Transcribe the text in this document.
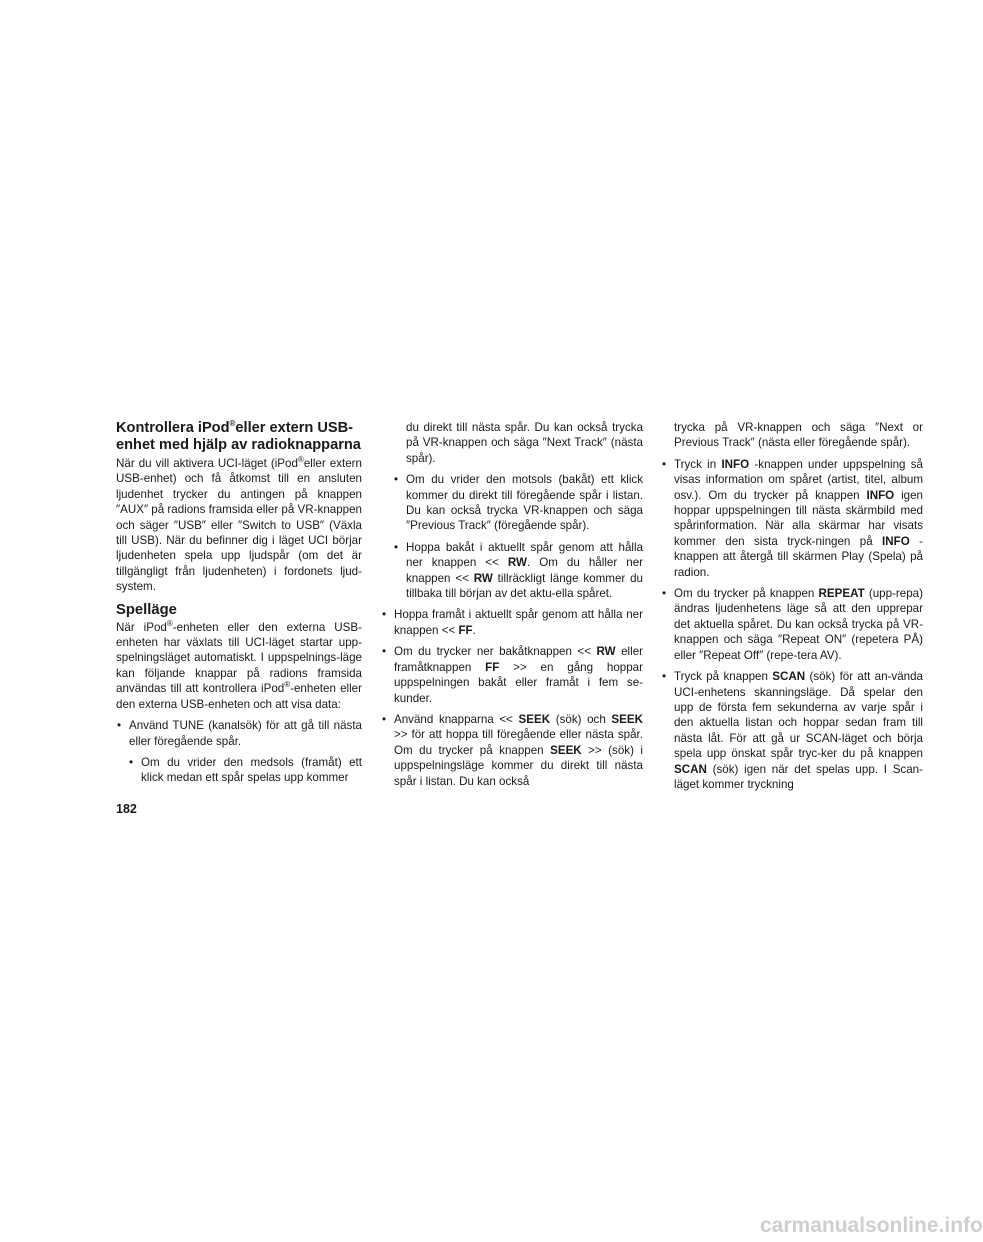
Kontrollera iPod®eller extern USB-enhet med hjälp av radioknapparna

När du vill aktivera UCI-läget (iPod®eller extern USB-enhet) och få åtkomst till en ansluten ljudenhet trycker du antingen på knappen ″AUX″ på radions framsida eller på VR-knappen och säger ″USB″ eller ″Switch to USB″ (Växla till USB). När du befinner dig i läget UCI börjar ljudenheten spela upp ljudspår (om det är tillgängligt från ljudenheten) i fordonets ljud-system.

Spelläge

När iPod®-enheten eller den externa USB-enheten har växlats till UCI-läget startar upp-spelningsläget automatiskt. I uppspelnings-läge kan följande knappar på radions framsida användas till att kontrollera iPod®-enheten eller den externa USB-enheten och att visa data:

• Använd TUNE (kanalsök) för att gå till nästa eller föregående spår.
• Om du vrider den medsols (framåt) ett klick medan ett spår spelas upp kommer
du direkt till nästa spår. Du kan också trycka på VR-knappen och säga ″Next Track″ (nästa spår).
• Om du vrider den motsols (bakåt) ett klick kommer du direkt till föregående spår i listan. Du kan också trycka VR-knappen och säga ″Previous Track″ (föregående spår).
• Hoppa bakåt i aktuellt spår genom att hålla ner knappen << RW. Om du håller ner knappen << RW tillräckligt länge kommer du tillbaka till början av det aktu-ella spåret.
• Hoppa framåt i aktuellt spår genom att hålla ner knappen << FF.
• Om du trycker ner bakåtknappen << RW eller framåtknappen FF >> en gång hoppar uppspelningen bakåt eller framåt i fem se-kunder.
• Använd knapparna << SEEK (sök) och SEEK >> för att hoppa till föregående eller nästa spår. Om du trycker på knappen SEEK >> (sök) i uppspelningsläge kommer du direkt till nästa spår i listan. Du kan också
trycka på VR-knappen och säga ″Next or Previous Track″ (nästa eller föregående spår).
• Tryck in INFO -knappen under uppspelning så visas information om spåret (artist, titel, album osv.). Om du trycker på knappen INFO igen hoppar uppspelningen till nästa skärmbild med spårinformation. När alla skärmar har visats kommer den sista tryck-ningen på INFO -knappen att återgå till skärmen Play (Spela) på radion.
• Om du trycker på knappen REPEAT (upp-repa) ändras ljudenhetens läge så att den upprepar det aktuella spåret. Du kan också trycka på VR-knappen och säga ″Repeat ON″ (repetera PÅ) eller ″Repeat Off″ (repe-tera AV).
• Tryck på knappen SCAN (sök) för att an-vända UCI-enhetens skanningsläge. Då spelar den upp de första fem sekunderna av varje spår i den aktuella listan och hoppar sedan fram till nästa låt. För att gå ur SCAN-läget och börja spela upp önskat spår tryc-ker du på knappen SCAN (sök) igen när det spelas upp. I Scan-läget kommer tryckning
182
carmanualsonline.info
